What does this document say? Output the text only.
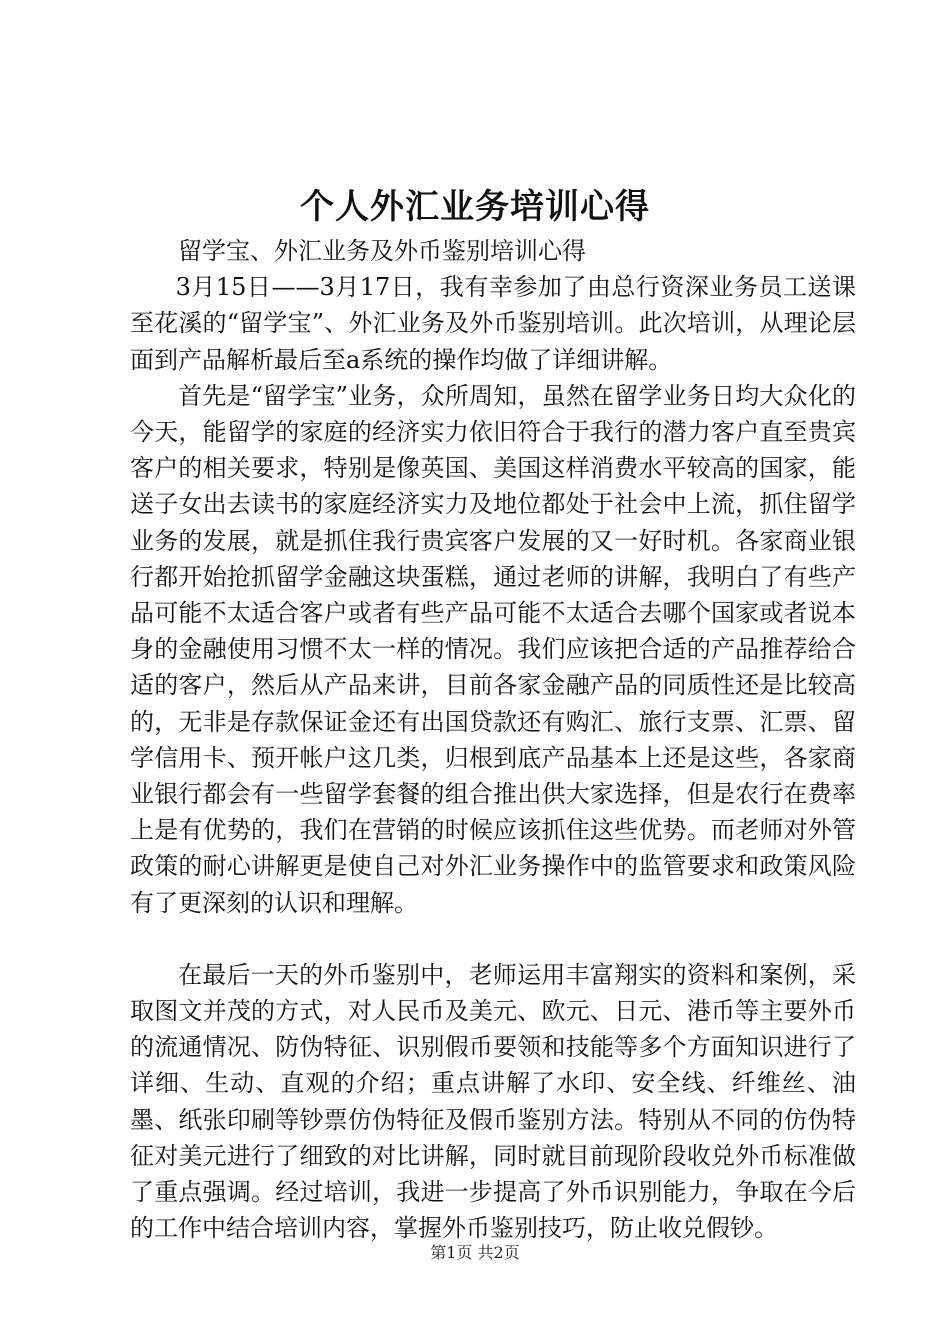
个人外汇业务培训心得

留学宝、外汇业务及外币鉴别培训心得

3月15日——3月17日，我有幸参加了由总行资深业务员工送课至花溪的“留学宝”、外汇业务及外币鉴别培训。此次培训，从理论层面到产品解析最后至a系统的操作均做了详细讲解。

首先是“留学宝”业务，众所周知，虽然在留学业务日均大众化的今天，能留学的家庭的经济实力依旧符合于我行的潜力客户直至贵宾客户的相关要求，特别是像英国、美国这样消费水平较高的国家，能送子女出去读书的家庭经济实力及地位都处于社会中上流，抓住留学业务的发展，就是抓住我行贵宾客户发展的又一好时机。各家商业银行都开始抢抓留学金融这块蛋糕，通过老师的讲解，我明白了有些产品可能不太适合客户或者有些产品可能不太适合去哪个国家或者说本身的金融使用习惯不太一样的情况。我们应该把合适的产品推荐给合适的客户，然后从产品来讲，目前各家金融产品的同质性还是比较高的，无非是存款保证金还有出国贷款还有购汇、旅行支票、汇票、留学信用卡、预开帐户这几类，归根到底产品基本上还是这些，各家商业银行都会有一些留学套餐的组合推出供大家选择，但是农行在费率上是有优势的，我们在营销的时候应该抓住这些优势。而老师对外管政策的耐心讲解更是使自己对外汇业务操作中的监管要求和政策风险有了更深刻的认识和理解。

在最后一天的外币鉴别中，老师运用丰富翔实的资料和案例，采取图文并茂的方式，对人民币及美元、欧元、日元、港币等主要外币的流通情况、防伪特征、识别假币要领和技能等多个方面知识进行了详细、生动、直观的介绍；重点讲解了水印、安全线、纤维丝、油墨、纸张印刷等钞票仿伪特征及假币鉴别方法。特别从不同的仿伪特征对美元进行了细致的对比讲解，同时就目前现阶段收兑外币标准做了重点强调。经过培训，我进一步提高了外币识别能力，争取在今后的工作中结合培训内容，掌握外币鉴别技巧，防止收兑假钞。

第1页 共2页
